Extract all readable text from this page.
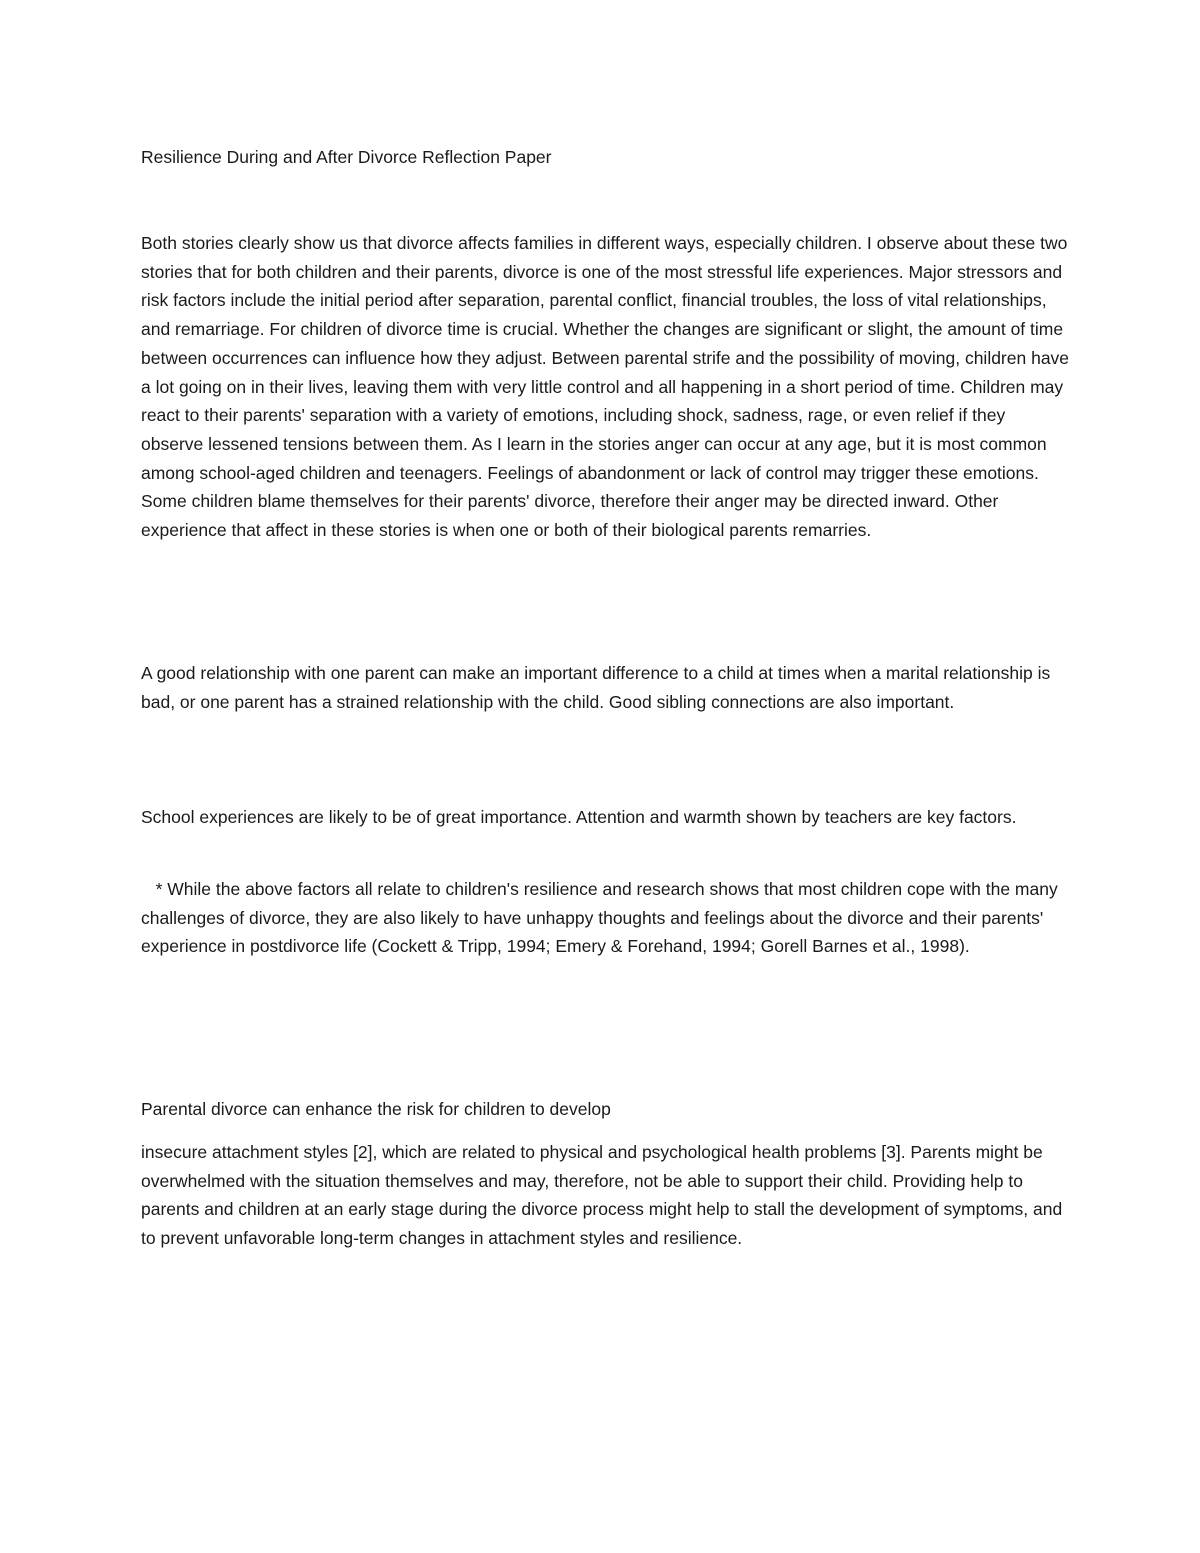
Resilience During and After Divorce Reflection Paper

Both stories clearly show us that divorce affects families in different ways, especially children. I observe about these two stories that for both children and their parents, divorce is one of the most stressful life experiences. Major stressors and risk factors include the initial period after separation, parental conflict, financial troubles, the loss of vital relationships, and remarriage. For children of divorce time is crucial. Whether the changes are significant or slight, the amount of time between occurrences can influence how they adjust. Between parental strife and the possibility of moving, children have a lot going on in their lives, leaving them with very little control and all happening in a short period of time. Children may react to their parents' separation with a variety of emotions, including shock, sadness, rage, or even relief if they observe lessened tensions between them. As I learn in the stories anger can occur at any age, but it is most common among school-aged children and teenagers. Feelings of abandonment or lack of control may trigger these emotions. Some children blame themselves for their parents' divorce, therefore their anger may be directed inward. Other experience that affect in these stories is when one or both of their biological parents remarries.

A good relationship with one parent can make an important difference to a child at times when a marital relationship is bad, or one parent has a strained relationship with the child. Good sibling connections are also important.

School experiences are likely to be of great importance. Attention and warmth shown by teachers are key factors.

* While the above factors all relate to children's resilience and research shows that most children cope with the many challenges of divorce, they are also likely to have unhappy thoughts and feelings about the divorce and their parents' experience in postdivorce life (Cockett & Tripp, 1994; Emery & Forehand, 1994; Gorell Barnes et al., 1998).

Parental divorce can enhance the risk for children to develop

insecure attachment styles [2], which are related to physical and psychological health problems [3]. Parents might be overwhelmed with the situation themselves and may, therefore, not be able to support their child. Providing help to parents and children at an early stage during the divorce process might help to stall the development of symptoms, and to prevent unfavorable long-term changes in attachment styles and resilience.
